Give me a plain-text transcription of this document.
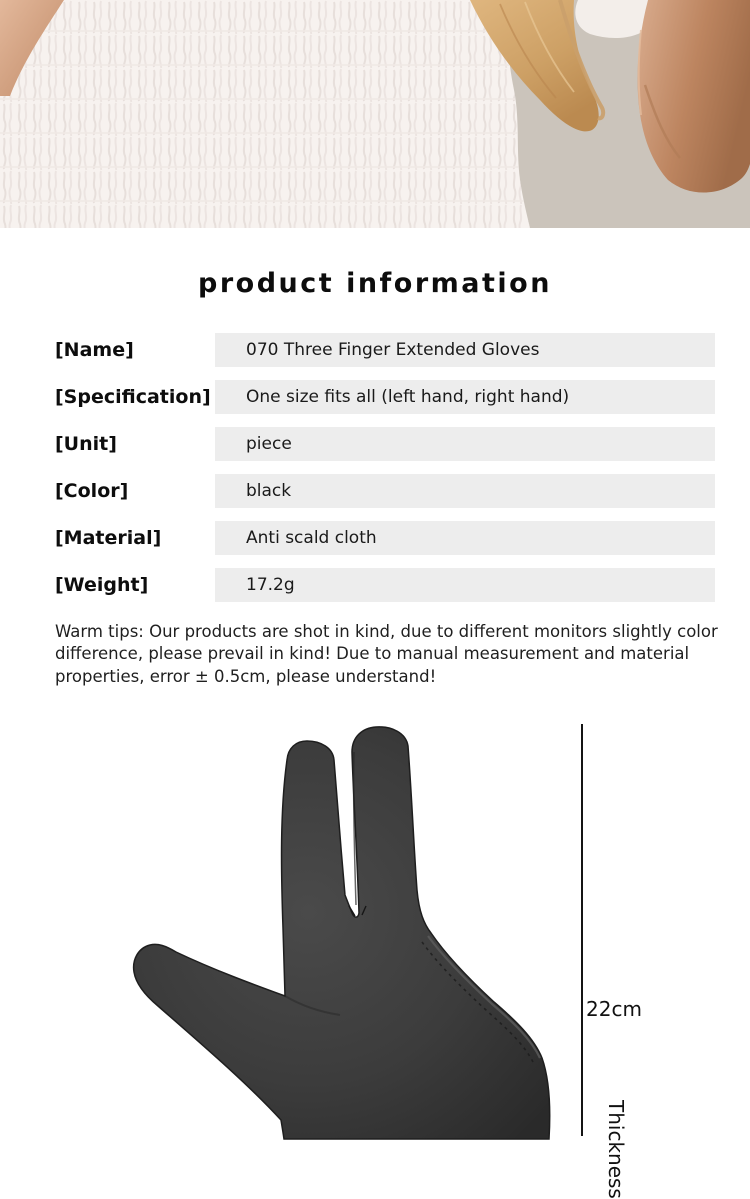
product information
[Name]	070 Three Finger Extended Gloves
[Specification]	One size fits all (left hand, right hand)
[Unit]	piece
[Color]	black
[Material]	Anti scald cloth
[Weight]	17.2g
Warm tips: Our products are shot in kind, due to different monitors slightly color
difference, please prevail in kind! Due to manual measurement and material
properties, error ± 0.5cm, please understand!
22cm
Thickness
